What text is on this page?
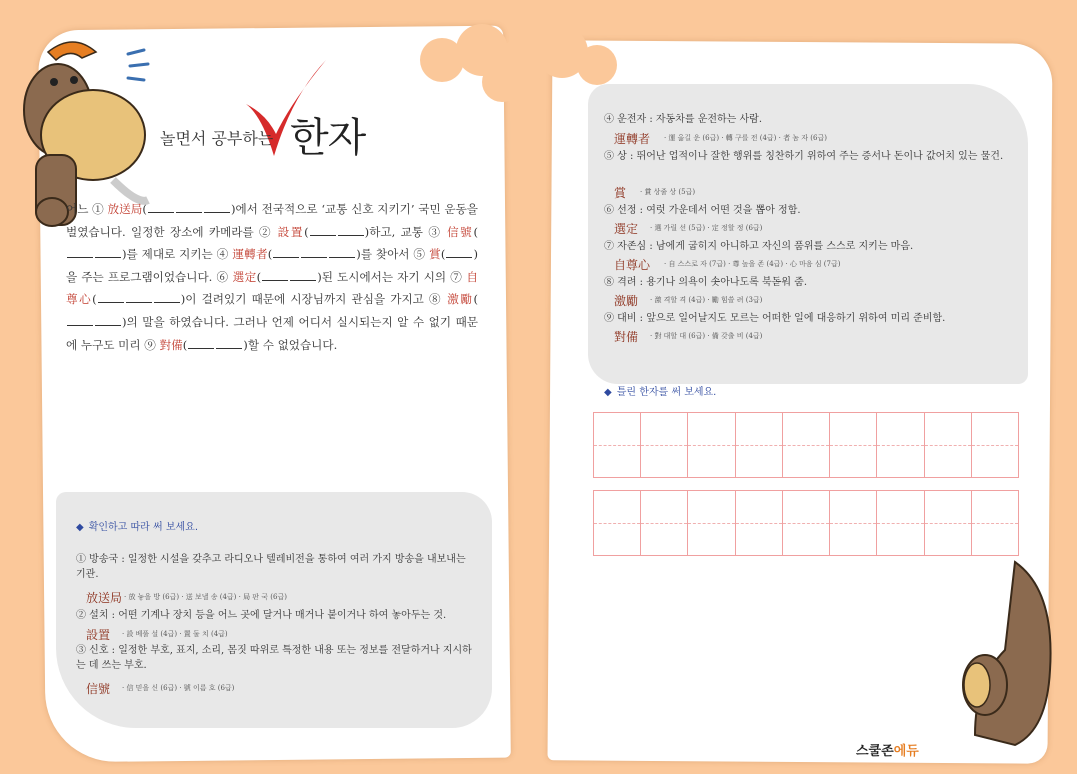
놀면서 공부하는 한자
어느 ① 放送局(	)에서 전국적으로 ‘교통 신호 지키기’ 국민 운동을 벌였습니다. 일정한 장소에 카메라를 ② 設置(	)하고, 교통 ③ 信號()를 제대로 지키는 ④ 運轉者(	)를 찾아서 ⑤ 賞( )을 주는 프로그램이었습니다. ⑥ 選定(	)된 도시에서는 자기 시의 ⑦ 自尊心(	)이 걸려있기 때문에 시장님까지 관심을 가지고 ⑧ 激勵()의 말을 하였습니다. 그러나 언제 어디서 실시되는지 알 수 없기 때문에 누구도 미리 ⑨ 對備(	)할 수 없었습니다.
◆ 확인하고 따라 써 보세요.
① 방송국 : 일정한 시설을 갖추고 라디오나 텔레비전을 통하여 여러 가지 방송을 내보내는 기관.
放送局 · 放 놓을 방 (6급) · 送 보낼 송 (4급) · 局 판 국 (6급)
② 설치 : 어떤 기계나 장치 등을 어느 곳에 달거나 매거나 붙이거나 하여 놓아두는 것.
設置 · 設 베풀 설 (4급) · 置 둘 치 (4급)
③ 신호 : 일정한 부호, 표지, 소리, 몸짓 따위로 특정한 내용 또는 정보를 전달하거나 지시하는 데 쓰는 부호.
信號 · 信 믿을 신 (6급) · 號 이름 호 (6급)
④ 운전자 : 자동차를 운전하는 사람.
運轉者 · 運 옮길 운 (6급) · 轉 구를 전 (4급) · 者 놈 자 (6급)
⑤ 상 : 뛰어난 업적이나 잘한 행위를 칭찬하기 위하여 주는 증서나 돈이나 값어치 있는 물건.
賞 · 賞 상줄 상 (5급)
⑥ 선정 : 여럿 가운데서 어떤 것을 뽑아 정함.
選定 · 選 가릴 선 (5급) · 定 정할 정 (6급)
⑦ 자존심 : 남에게 굽히지 아니하고 자신의 품위를 스스로 지키는 마음.
自尊心 · 自 스스로 자 (7급) · 尊 높을 존 (4급) · 心 마음 심 (7급)
⑧ 격려 : 용기나 의욕이 솟아나도록 북돋워 줌.
激勵 · 激 격할 격 (4급) · 勵 힘쓸 려 (3급)
⑨ 대비 : 앞으로 일어날지도 모르는 어떠한 일에 대응하기 위하여 미리 준비함.
對備 · 對 대할 대 (6급) · 備 갖출 비 (4급)
◆ 틀린 한자를 써 보세요.
스쿨존에듀
